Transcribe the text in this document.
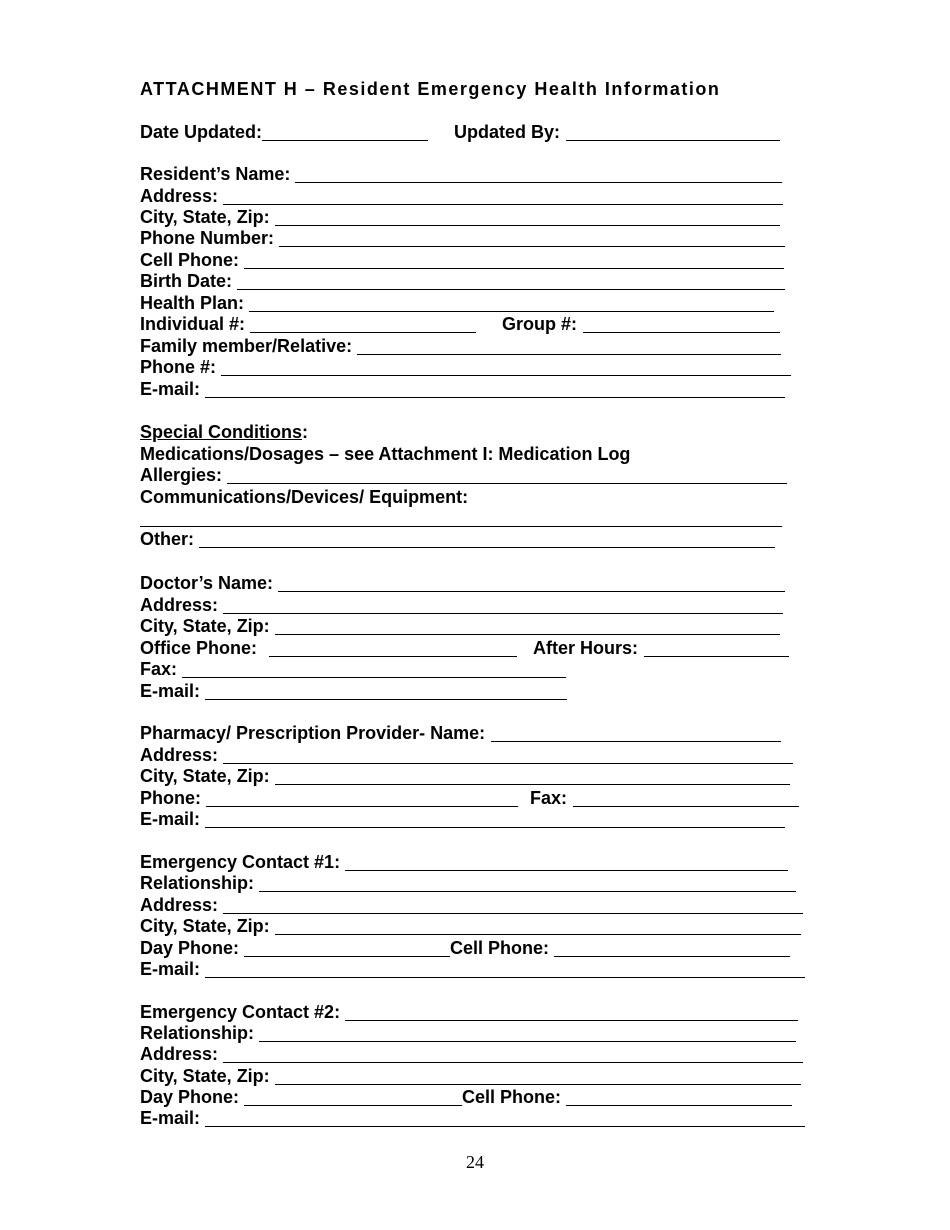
ATTACHMENT H – Resident Emergency Health Information
Date Updated:	Updated By:
Resident’s Name:
Address:
City, State, Zip:
Phone Number:
Cell Phone:
Birth Date:
Health Plan:
Individual #:	Group #:
Family member/Relative:
Phone #:
E-mail:
Special Conditions :
Medications/Dosages – see Attachment I: Medication Log
Allergies:
Communications/Devices/ Equipment:
Other:
Doctor’s Name:
Address:
City, State, Zip:
Office Phone:	After Hours:
Fax:
E-mail:
Pharmacy/ Prescription Provider- Name:
Address:
City, State, Zip:
Phone:	Fax:
E-mail:
Emergency Contact #1:
Relationship:
Address:
City, State, Zip:
Day Phone:	Cell Phone:
E-mail:
Emergency Contact #2:
Relationship:
Address:
City, State, Zip:
Day Phone:	Cell Phone:
E-mail:
24
